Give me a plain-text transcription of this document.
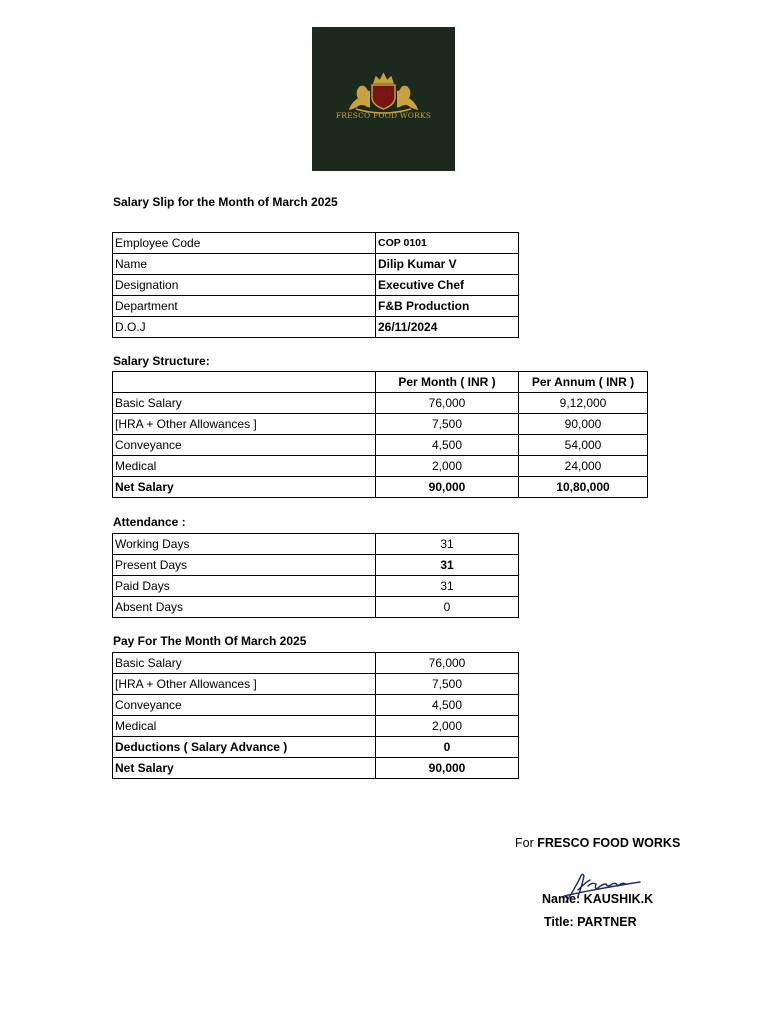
FRESCO FOOD WORKS
Salary Slip for the Month of March 2025
Employee Code	COP 0101
Name	Dilip Kumar V
Designation	Executive Chef
Department	F&B Production
D.O.J	26/11/2024
Salary Structure:
	Per Month ( INR )	Per Annum ( INR )
Basic Salary	76,000	9,12,000
[HRA + Other Allowances ]	7,500	90,000
Conveyance	4,500	54,000
Medical	2,000	24,000
Net Salary	90,000	10,80,000
Attendance :
Working Days	31
Present Days	31
Paid Days	31
Absent Days	0
Pay For The Month Of March 2025
Basic Salary	76,000
[HRA + Other Allowances ]	7,500
Conveyance	4,500
Medical	2,000
Deductions ( Salary Advance )	0
Net Salary	90,000
For FRESCO FOOD WORKS
Name: KAUSHIK.K
Title: PARTNER
